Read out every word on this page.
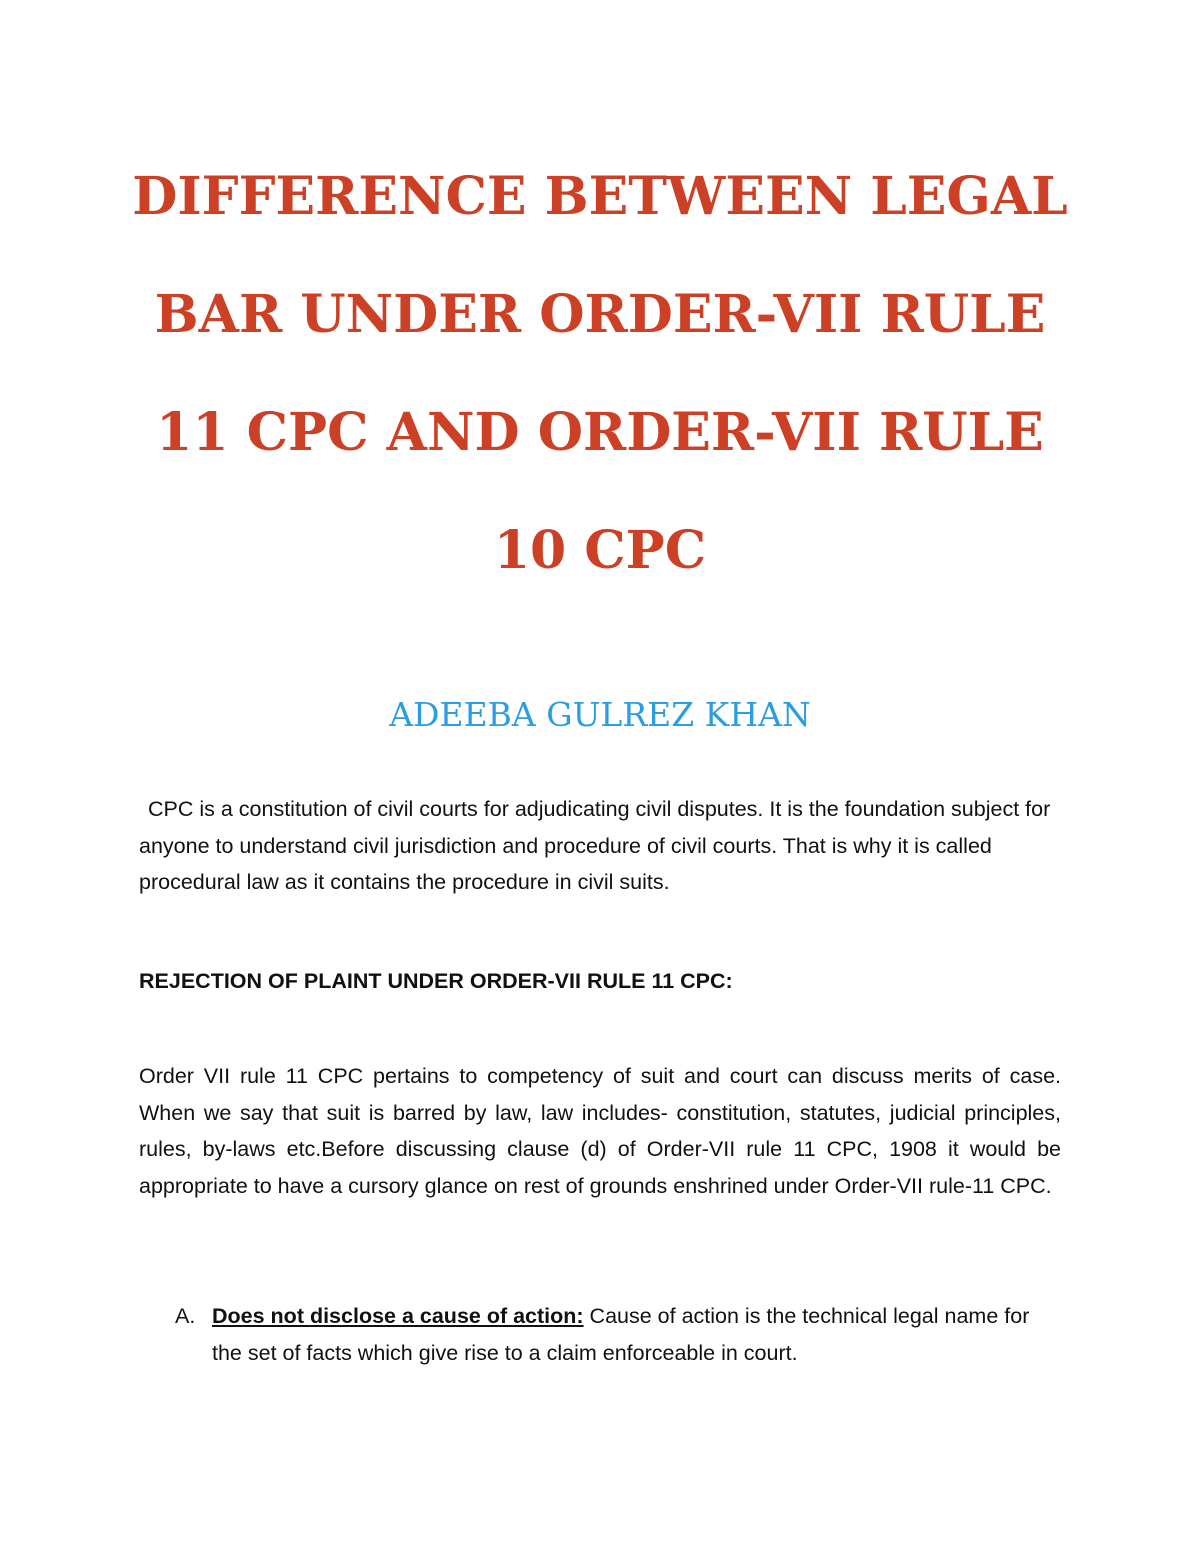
DIFFERENCE BETWEEN LEGAL BAR UNDER ORDER-VII RULE 11 CPC AND ORDER-VII RULE 10 CPC

ADEEBA GULREZ KHAN

CPC is a constitution of civil courts for adjudicating civil disputes. It is the foundation subject for anyone to understand civil jurisdiction and procedure of civil courts. That is why it is called procedural law as it contains the procedure in civil suits.

REJECTION OF PLAINT UNDER ORDER-VII RULE 11 CPC:

Order VII rule 11 CPC pertains to competency of suit and court can discuss merits of case. When we say that suit is barred by law, law includes- constitution, statutes, judicial principles, rules, by-laws etc.Before discussing clause (d) of Order-VII rule 11 CPC, 1908 it would be appropriate to have a cursory glance on rest of grounds enshrined under Order-VII rule-11 CPC.

A. Does not disclose a cause of action: Cause of action is the technical legal name for the set of facts which give rise to a claim enforceable in court.
